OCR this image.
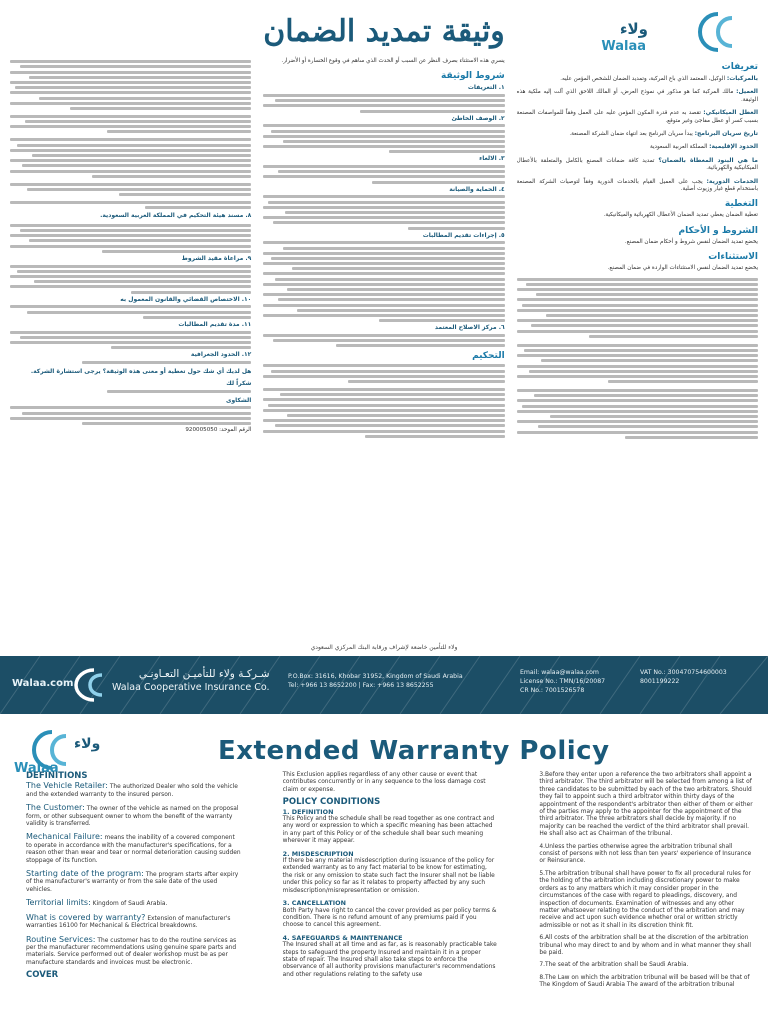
ولاء
Walaa
وثيقة تمديد الضمان
تعريفات
بالمركبات: الوكيل، المعتمد الذي باع المركبة، وتمديد الضمان للشخص المؤمن عليه.
العميل: مالك المركبة كما هو مذكور في نموذج العرض، أو المالك اللاحق الذي آلت إليه ملكية هذه الوثيقة.
العطل الميكانيكي: تقصد به عدم قدرة المكون المؤمن عليه على العمل وفقاً للمواصفات المصنعة بسبب كسر أو عطل مفاجئ وغير متوقع.
تاريخ سريان البرنامج: يبدأ سريان البرنامج بعد انتهاء ضمان الشركة المصنعة.
الحدود الإقليمية: المملكة العربية السعودية
ما هي البنود المغطاة بالضمان؟ تمديد كافة ضمانات المصنع بالكامل والمتعلقة بالأعطال الميكانيكية والكهربائية.
الخدمات الدورية: يجب على العميل القيام بالخدمات الدورية وفقاً لتوصيات الشركة المصنعة باستخدام قطع غيار وزيوت أصلية.
التغطية
تغطية الضمان يغطي تمديد الضمان الأعطال الكهربائية والميكانيكية.
الشروط و الأحكام
يخضع تمديد الضمان لنفس شروط و أحكام ضمان المصنع.
الاستثناءات
يخضع تمديد الضمان لنفس الاستثناءات الواردة في ضمان المصنع.
يسري هذه الاستثناء بصرف النظر عن السبب أو الحدث الذي ساهم في وقوع الخسارة أو الأضرار.
شروط الوثيقة
١. التعريفات
٢. الوصف الخاطئ
٣. الالغاء
٤. الحماية والصيانة
٥. إجراءات تقديم المطالبات
٦. مركز الاصلاح المعتمد
التحكيم
٨. مسند هيئة التحكيم في المملكة العربية السعودية.
٩. مراعاة مقيد الشروط
١٠. الاختصاص القضائي والقانون المعمول به
١١. مدة تقديم المطالبات
١٢. الحدود الجغرافية
هل لديك أي شك حول تغطية أو معنى هذه الوثيقة؟ يرجى استشارة الشركة.
شكراً لك
الشكاوى
الرقم الموحد: 920005050
ولاء للتأمين خاضعة لإشراف ورقابة البنك المركزي السعودي
Walaa.com
شـركـة ولاء للتأميـن التعـاونـي
Walaa Cooperative Insurance Co.
P.O.Box: 31616, Khobar 31952, Kingdom of Saudi Arabia
Tel: +966 13 8652200 | Fax: +966 13 8652255
Email: walaa@walaa.com
License No.: TMN/16/20087
CR No.: 7001526578
VAT No.: 300470754600003
8001199222
ولاء
Walaa
Extended Warranty Policy
DEFINITIONS
The Vehicle Retailer: The authorized Dealer who sold the vehicle and the extended warranty to the insured person.
The Customer: The owner of the vehicle as named on the proposal form, or other subsequent owner to whom the benefit of the warranty validity is transferred.
Mechanical Failure: means the inability of a covered component to operate in accordance with the manufacturer's specifications, for a reason other than wear and tear or normal deterioration causing sudden stoppage of its function.
Starting date of the program: The program starts after expiry of the manufacturer's warranty or from the sale date of the used vehicles.
Territorial limits: Kingdom of Saudi Arabia.
What is covered by warranty? Extension of manufacturer's warranties 16100 for Mechanical & Electrical breakdowns.
Routine Services: The customer has to do the routine services as per the manufacturer recommendations using genuine spare parts and materials. Service performed out of dealer workshop must be as per manufacture standards and invoices must be electronic.
COVER
This Exclusion applies regardless of any other cause or event that contributes concurrently or in any sequence to the loss damage cost claim or expense.
POLICY CONDITIONS
1. DEFINITION
This Policy and the schedule shall be read together as one contract and any word or expression to which a specific meaning has been attached in any part of this Policy or of the schedule shall bear such meaning wherever it may appear.
2. MISDESCRIPTION
If there be any material misdescription during issuance of the policy for extended warranty as to any fact material to be know for estimating, the risk or any omission to state such fact the Insurer shall not be liable under this policy so far as it relates to property affected by any such misdescription/misrepresentation or omission.
3. CANCELLATION
Both Party have right to cancel the cover provided as per policy terms & condition. There is no refund amount of any premiums paid if you choose to cancel this agreement.
4. SAFEGUARDS & MAINTENANCE
The Insured shall at all time and as far, as is reasonably practicable take steps to safeguard the property Insured and maintain it in a proper state of repair. The Insured shall also take steps to enforce the observance of all authority provisions manufacturer's recommendations and other regulations relating to the safety use
3.Before they enter upon a reference the two arbitrators shall appoint a third arbitrator. The third arbitrator will be selected from among a list of three candidates to be submitted by each of the two arbitrators. Should they fail to appoint such a third arbitrator within thirty days of the appointment of the respondent's arbitrator then either of them or either of the parties may apply to the appointer for the appointment of the third arbitrator. The three arbitrators shall decide by majority. If no majority can be reached the verdict of the third arbitrator shall prevail. He shall also act as Chairman of the tribunal.
4.Unless the parties otherwise agree the arbitration tribunal shall consist of persons with not less than ten years' experience of Insurance or Reinsurance.
5.The arbitration tribunal shall have power to fix all procedural rules for the holding of the arbitration including discretionary power to make orders as to any matters which it may consider proper in the circumstances of the case with regard to pleadings, discovery, and inspection of documents. Examination of witnesses and any other matter whatsoever relating to the conduct of the arbitration and may receive and act upon such evidence whether oral or written strictly admissible or not as it shall in its discretion think fit.
6.All costs of the arbitration shall be at the discretion of the arbitration tribunal who may direct to and by whom and in what manner they shall be paid.
7.The seat of the arbitration shall be Saudi Arabia.
8.The Law on which the arbitration tribunal will be based will be that of The Kingdom of Saudi Arabia The award of the arbitration tribunal
